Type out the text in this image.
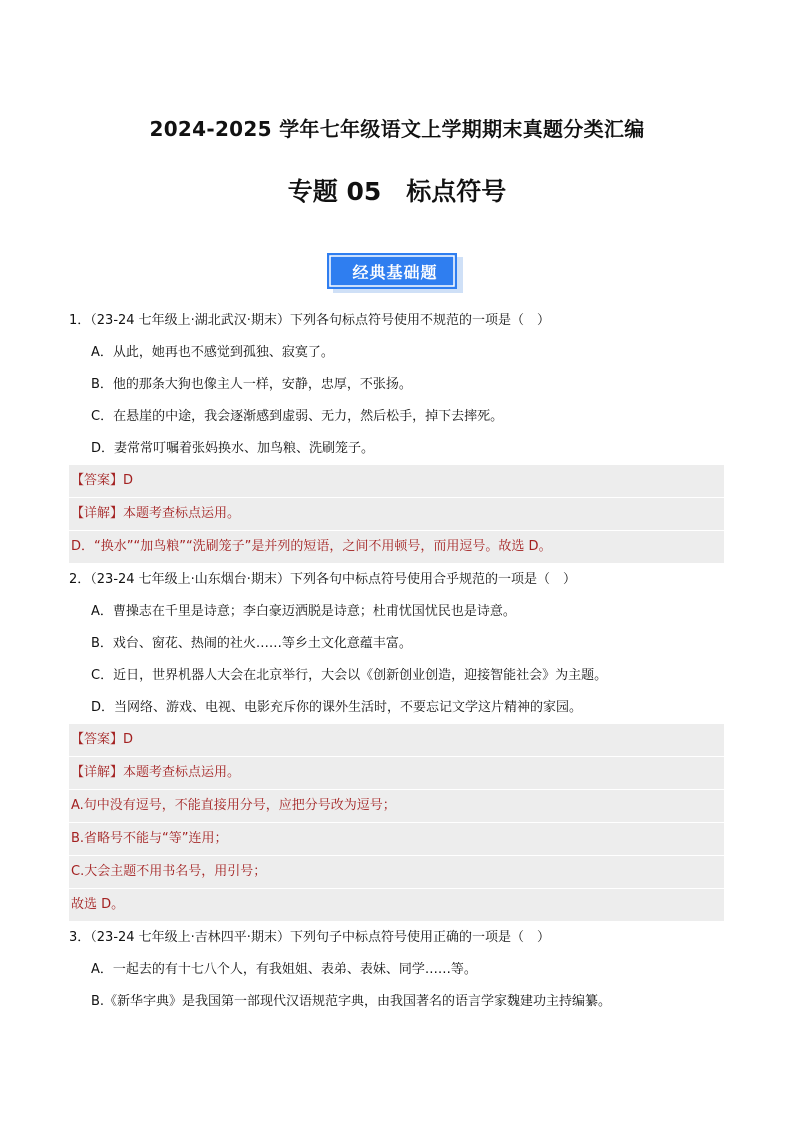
2024-2025 学年七年级语文上学期期末真题分类汇编
专题 05　标点符号
经典基础题
1．（23-24 七年级上·湖北武汉·期末）下列各句标点符号使用不规范的一项是（　）
A．从此，她再也不感觉到孤独、寂寞了。
B．他的那条大狗也像主人一样，安静，忠厚，不张扬。
C．在悬崖的中途，我会逐渐感到虚弱、无力，然后松手，掉下去摔死。
D．妻常常叮嘱着张妈换水、加鸟粮、洗刷笼子。
【答案】D
【详解】本题考查标点运用。
D．“换水”“加鸟粮”“洗刷笼子”是并列的短语，之间不用顿号，而用逗号。故选 D。
2．（23-24 七年级上·山东烟台·期末）下列各句中标点符号使用合乎规范的一项是（　）
A．曹操志在千里是诗意；李白豪迈洒脱是诗意；杜甫忧国忧民也是诗意。
B．戏台、窗花、热闹的社火……等乡土文化意蕴丰富。
C．近日，世界机器人大会在北京举行，大会以《创新创业创造，迎接智能社会》为主题。
D．当网络、游戏、电视、电影充斥你的课外生活时，不要忘记文学这片精神的家园。
【答案】D
【详解】本题考查标点运用。
A.句中没有逗号，不能直接用分号，应把分号改为逗号；
B.省略号不能与“等”连用；
C.大会主题不用书名号，用引号；
故选 D。
3．（23-24 七年级上·吉林四平·期末）下列句子中标点符号使用正确的一项是（　）
A．一起去的有十七八个人，有我姐姐、表弟、表妹、同学……等。
B.《新华字典》是我国第一部现代汉语规范字典，由我国著名的语言学家魏建功主持编纂。
